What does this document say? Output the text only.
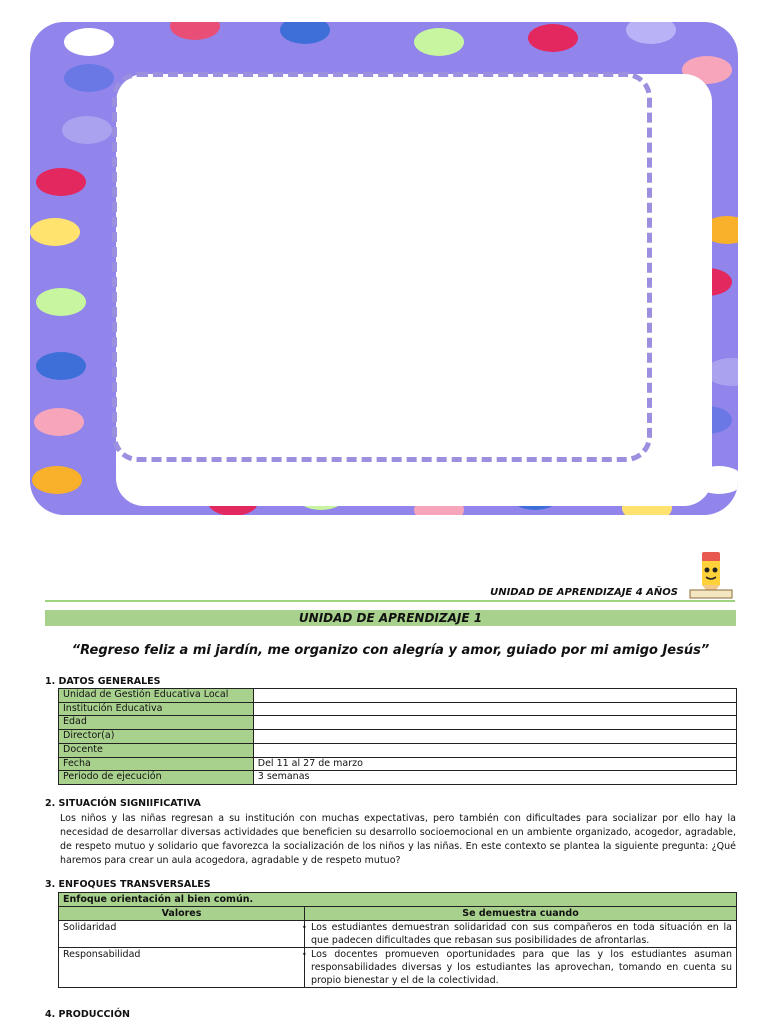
UNIDAD DE APRENDIZAJE 4 AÑOS
UNIDAD DE APRENDIZAJE 1
“Regreso feliz a mi jardín, me organizo con alegría y amor, guiado por mi amigo Jesús”
1. DATOS GENERALES
Unidad de Gestión Educativa Local	
Institución Educativa	
Edad	
Director(a)	
Docente	
Fecha	Del 11 al 27 de marzo
Periodo de ejecución	3 semanas
2. SITUACIÓN SIGNIIFICATIVA
Los niños y las niñas regresan a su institución con muchas expectativas, pero también con dificultades para socializar por ello hay la necesidad de desarrollar diversas actividades que beneficien su desarrollo socioemocional en un ambiente organizado, acogedor, agradable, de respeto mutuo y solidario que favorezca la socialización de los niños y las niñas. En este contexto se plantea la siguiente pregunta: ¿Qué haremos para crear un aula acogedora, agradable y de respeto mutuo?
3. ENFOQUES TRANSVERSALES
Enfoque orientación al bien común.	
Valores	Se demuestra cuando
Solidaridad	• Los estudiantes demuestran solidaridad con sus compañeros en toda situación en la que padecen dificultades que rebasan sus posibilidades de afrontarlas.
Responsabilidad	• Los docentes promueven oportunidades para que las y los estudiantes asuman responsabilidades diversas y los estudiantes las aprovechan, tomando en cuenta su propio bienestar y el de la colectividad.
4. PRODUCCIÓN
